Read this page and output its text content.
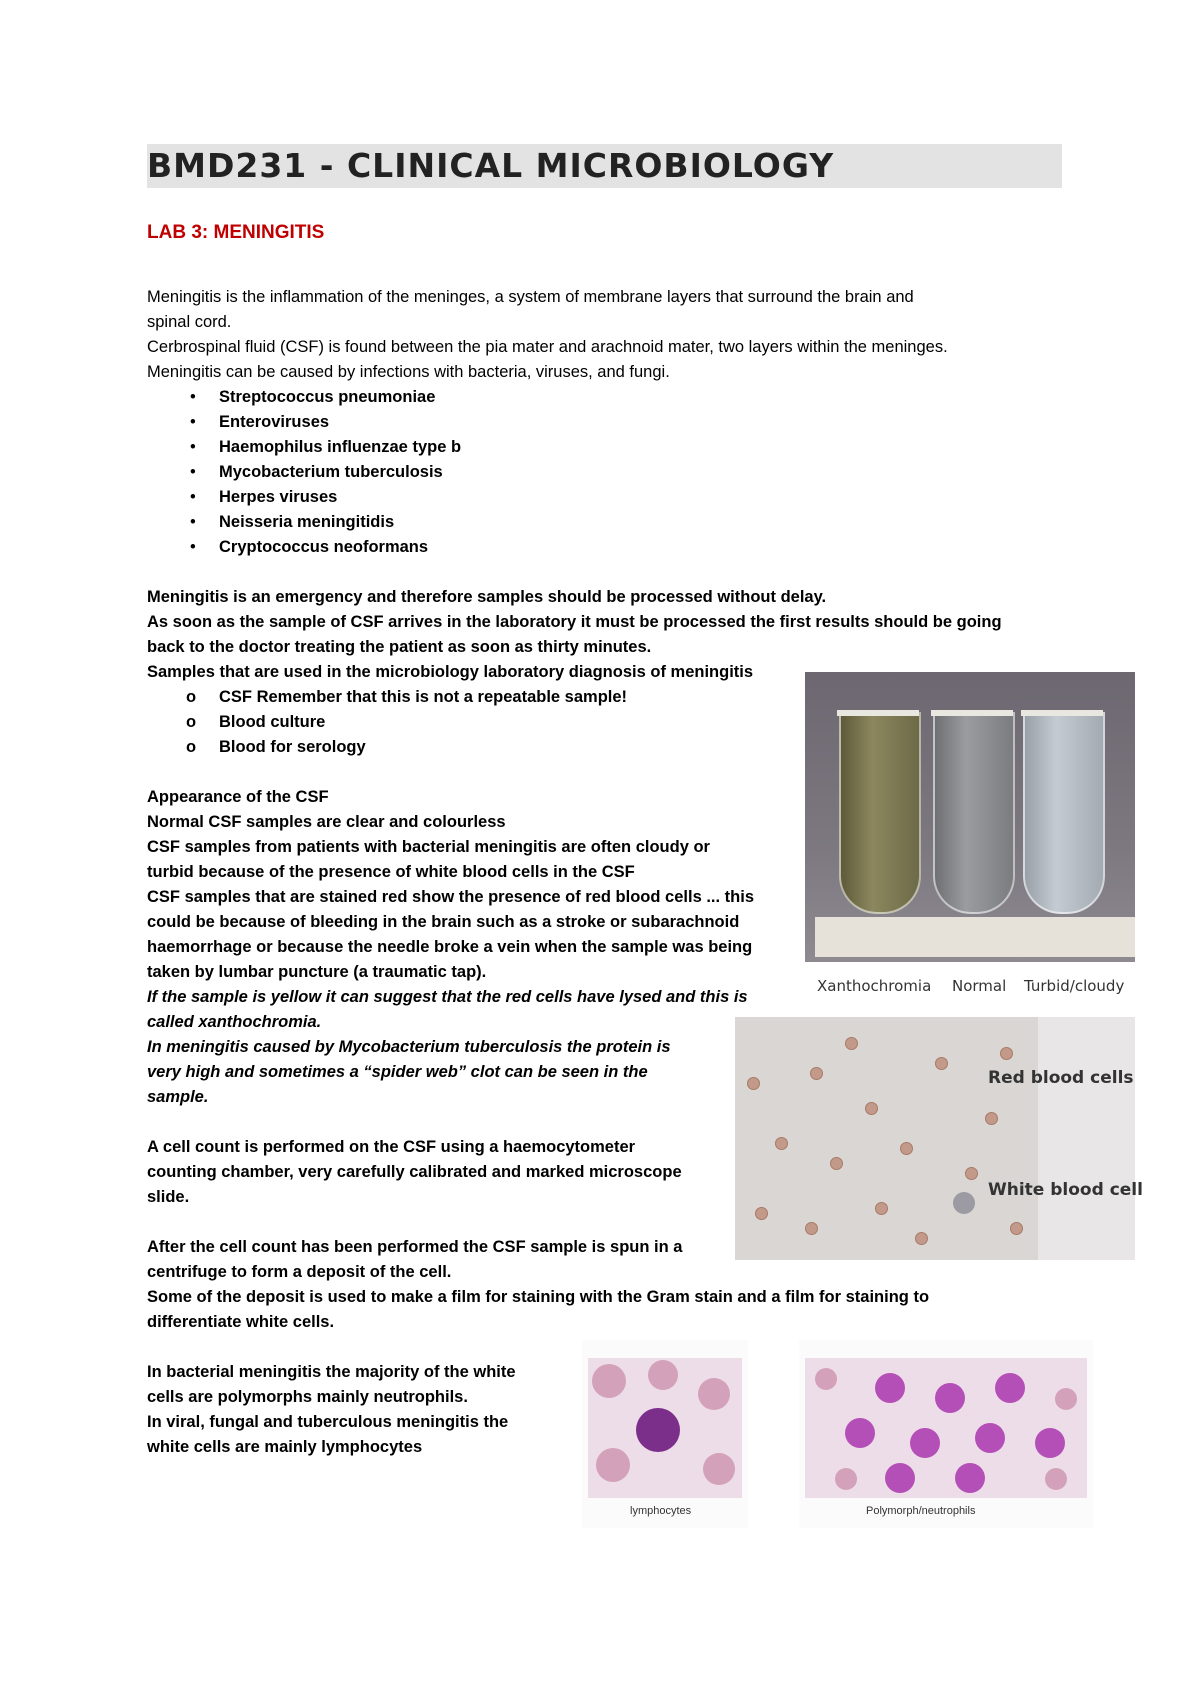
BMD231 - CLINICAL MICROBIOLOGY
LAB 3: MENINGITIS
Meningitis is the inflammation of the meninges, a system of membrane layers that surround the brain and
spinal cord.
Cerbrospinal fluid (CSF) is found between the pia mater and arachnoid mater, two layers within the meninges.
Meningitis can be caused by infections with bacteria, viruses, and fungi.
• Streptococcus pneumoniae
• Enteroviruses
• Haemophilus influenzae type b
• Mycobacterium tuberculosis
• Herpes viruses
• Neisseria meningitidis
• Cryptococcus neoformans
Meningitis is an emergency and therefore samples should be processed without delay.
As soon as the sample of CSF arrives in the laboratory it must be processed the first results should be going
back to the doctor treating the patient as soon as thirty minutes.
Samples that are used in the microbiology laboratory diagnosis of meningitis
o CSF Remember that this is not a repeatable sample!
o Blood culture
o Blood for serology
Appearance of the CSF
Normal CSF samples are clear and colourless
CSF samples from patients with bacterial meningitis are often cloudy or
turbid because of the presence of white blood cells in the CSF
CSF samples that are stained red show the presence of red blood cells ... this
could be because of bleeding in the brain such as a stroke or subarachnoid
haemorrhage or because the needle broke a vein when the sample was being
taken by lumbar puncture (a traumatic tap).
If the sample is yellow it can suggest that the red cells have lysed and this is
called xanthochromia.
In meningitis caused by Mycobacterium tuberculosis the protein is
very high and sometimes a “spider web” clot can be seen in the
sample.
A cell count is performed on the CSF using a haemocytometer
counting chamber, very carefully calibrated and marked microscope
slide.
After the cell count has been performed the CSF sample is spun in a
centrifuge to form a deposit of the cell.
Some of the deposit is used to make a film for staining with the Gram stain and a film for staining to
differentiate white cells.
In bacterial meningitis the majority of the white
cells are polymorphs mainly neutrophils.
In viral, fungal and tuberculous meningitis the
white cells are mainly lymphocytes
Xanthochromia Normal Turbid/cloudy
Red blood cells
White blood cell
lymphocytes	Polymorph/neutrophils
